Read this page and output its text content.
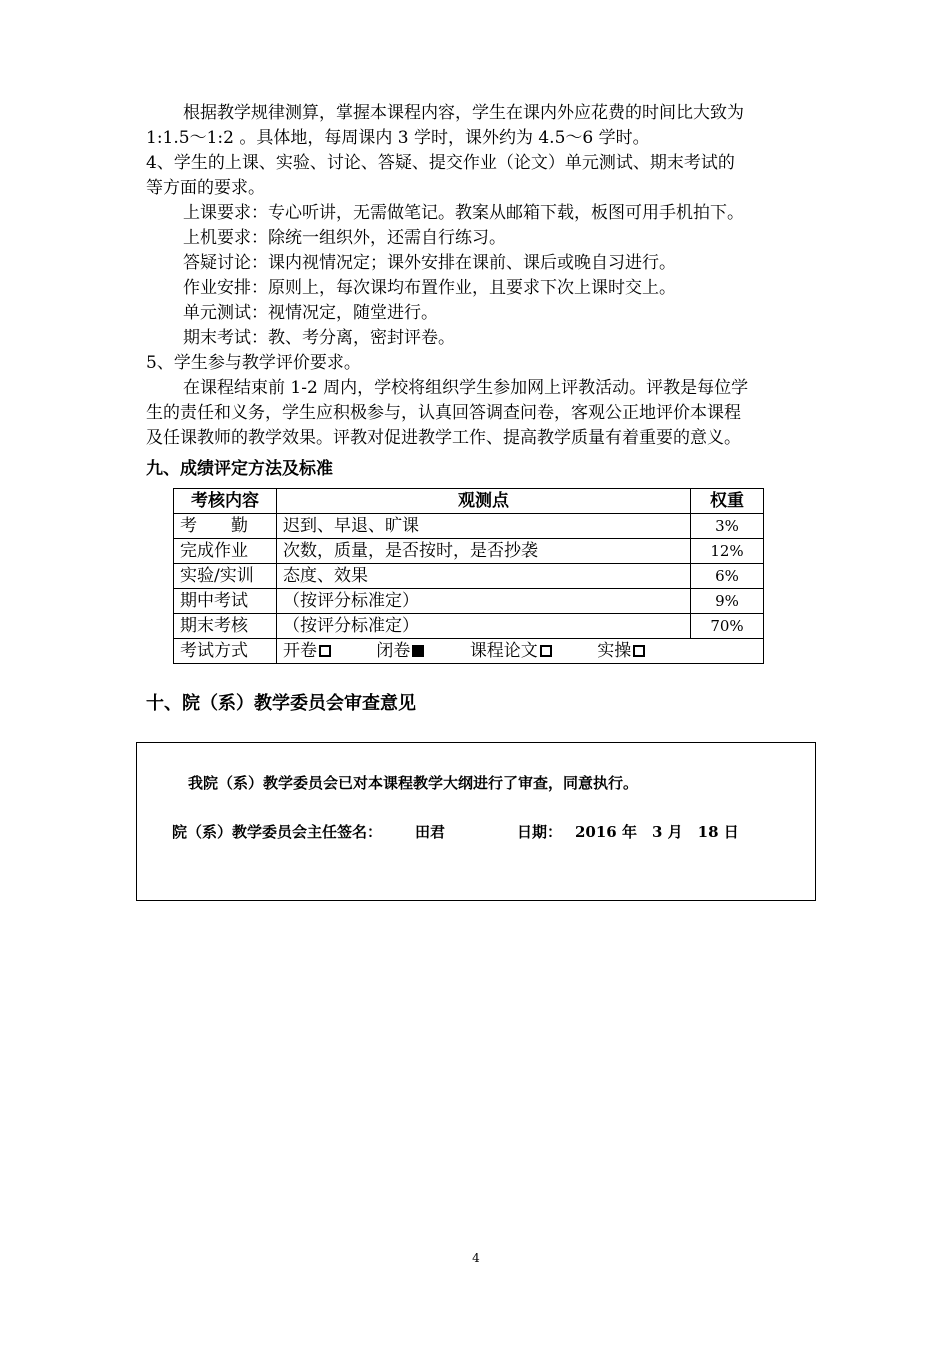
根据教学规律测算，掌握本课程内容，学生在课内外应花费的时间比大致为
1:1.5～1:2 。具体地，每周课内 3 学时，课外约为 4.5～6 学时。
4、学生的上课、实验、讨论、答疑、提交作业（论文）单元测试、期末考试的
等方面的要求。
上课要求：专心听讲，无需做笔记。教案从邮箱下载，板图可用手机拍下。
上机要求：除统一组织外，还需自行练习。
答疑讨论：课内视情况定；课外安排在课前、课后或晚自习进行。
作业安排：原则上，每次课均布置作业，且要求下次上课时交上。
单元测试：视情况定，随堂进行。
期末考试：教、考分离，密封评卷。
5、学生参与教学评价要求。
在课程结束前 1-2 周内，学校将组织学生参加网上评教活动。评教是每位学
生的责任和义务，学生应积极参与，认真回答调查问卷，客观公正地评价本课程
及任课教师的教学效果。评教对促进教学工作、提高教学质量有着重要的意义。
九、成绩评定方法及标准
考核内容	观测点	权重
考　　勤	迟到、早退、旷课	3%
完成作业	次数，质量，是否按时，是否抄袭	12%
实验/实训	态度、效果	6%
期中考试	（按评分标准定）	9%
期末考核	（按评分标准定）	70%
考试方式	开卷 闭卷 课程论文 实操	
十、院（系）教学委员会审查意见
我院（系）教学委员会已对本课程教学大纲进行了审查，同意执行。
院（系）教学委员会主任签名： 田君	日期： 2016 年　3 月　18 日
4
